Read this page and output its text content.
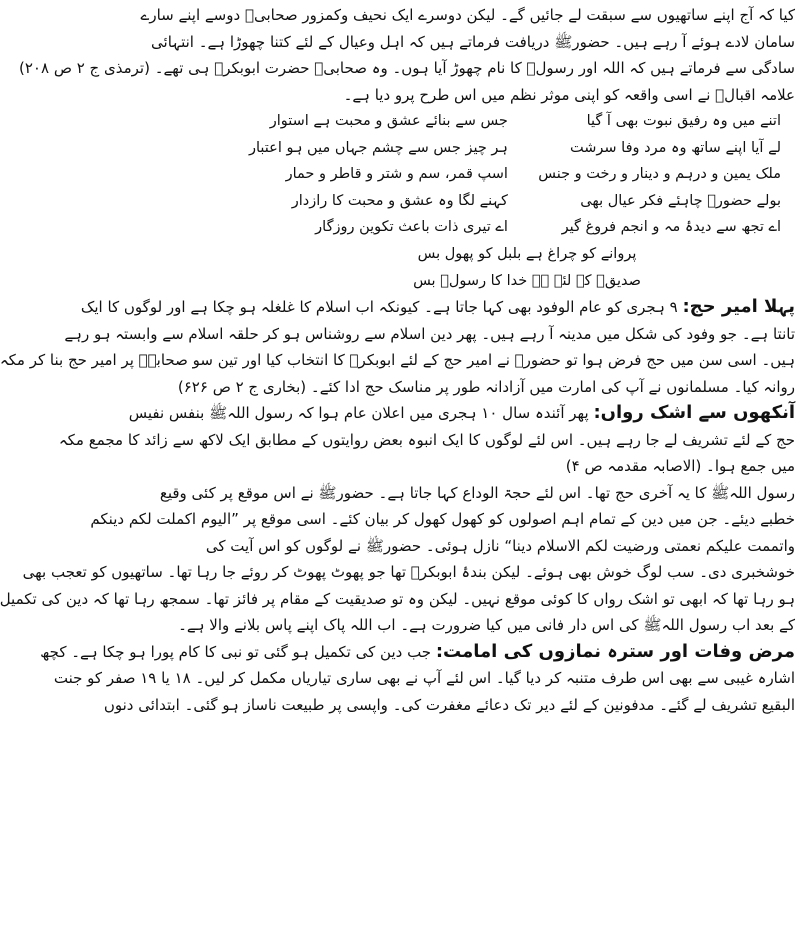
کیا کہ آج اپنے ساتھیوں سے سبقت لے جائیں گے۔ لیکن دوسرے ایک نحیف وکمزور صحابیؓ دوسے اپنے سارے
سامان لادے ہوئے آ رہے ہیں۔ حضورﷺ دریافت فرماتے ہیں کہ اہل وعیال کے لئے کتنا چھوڑا ہے۔ انتہائی
سادگی سے فرماتے ہیں کہ اللہ اور رسولﷺ کا نام چھوڑ آیا ہوں۔ وہ صحابیؓ حضرت ابوبکرؓ ہی تھے۔ (ترمذی ج ۲ ص ۲۰۸)
علامہ اقبالؒ نے اسی واقعہ کو اپنی موثر نظم میں اس طرح پرو دیا ہے۔
اتنے میں وہ رفیق نبوت بھی آ گیا
جس سے بنائے عشق و محبت ہے استوار
لے آیا اپنے ساتھ وہ مرد وفا سرشت
ہر چیز جس سے چشم جہاں میں ہو اعتبار
ملک یمین و درہم و دینار و رخت و جنس
اسپ قمر، سم و شتر و قاطر و حمار
بولے حضورؐ چاہئے فکر عیال بھی
کہنے لگا وہ عشق و محبت کا رازدار
اے تجھ سے دیدۂ مہ و انجم فروغ گیر
اے تیری ذات باعث تکوین روزگار
پروانے کو چراغ ہے بلبل کو پھول بس
صدیقؓ کے لئے ہے خدا کا رسولؐ بس
پہلا امیر حج: ۹ ہجری کو عام الوفود بھی کہا جاتا ہے۔ کیونکہ اب اسلام کا غلغلہ ہو چکا ہے اور لوگوں کا ایک
تانتا ہے۔ جو وفود کی شکل میں مدینہ آ رہے ہیں۔ پھر دین اسلام سے روشناس ہو کر حلقہ اسلام سے وابستہ ہو رہے
ہیں۔ اسی سن میں حج فرض ہوا تو حضورﷺ نے امیر حج کے لئے ابوبکرؓ کا انتخاب کیا اور تین سو صحابہؓ پر امیر حج بنا کر مکہ
روانہ کیا۔ مسلمانوں نے آپ کی امارت میں آزادانہ طور پر مناسک حج ادا کئے۔ (بخاری ج ۲ ص ۶۲۶)
آنکھوں سے اشک رواں: پھر آئندہ سال ۱۰ ہجری میں اعلان عام ہوا کہ رسول اللہﷺ بنفس نفیس
حج کے لئے تشریف لے جا رہے ہیں۔ اس لئے لوگوں کا ایک انبوہ بعض روایتوں کے مطابق ایک لاکھ سے زائد کا مجمع مکہ
میں جمع ہوا۔ (الاصابہ مقدمہ ص ۴)
رسول اللہﷺ کا یہ آخری حج تھا۔ اس لئے حجۃ الوداع کہا جاتا ہے۔ حضورﷺ نے اس موقع پر کئی وقیع
خطبے دیئے۔ جن میں دین کے تمام اہم اصولوں کو کھول کھول کر بیان کئے۔ اسی موقع پر ”الیوم اکملت لکم دینکم
واتممت علیکم نعمتی ورضیت لکم الاسلام دینا“ نازل ہوئی۔ حضورﷺ نے لوگوں کو اس آیت کی
خوشخبری دی۔ سب لوگ خوش بھی ہوئے۔ لیکن بندۂ ابوبکرؓ تھا جو پھوٹ پھوٹ کر روئے جا رہا تھا۔ ساتھیوں کو تعجب بھی
ہو رہا تھا کہ ابھی تو اشک رواں کا کوئی موقع نہیں۔ لیکن وہ تو صدیقیت کے مقام پر فائز تھا۔ سمجھ رہا تھا کہ دین کی تکمیل
کے بعد اب رسول اللہﷺ کی اس دار فانی میں کیا ضرورت ہے۔ اب اللہ پاک اپنے پاس بلانے والا ہے۔
مرض وفات اور سترہ نمازوں کی امامت: جب دین کی تکمیل ہو گئی تو نبی کا کام پورا ہو چکا ہے۔ کچھ
اشارہ غیبی سے بھی اس طرف متنبہ کر دیا گیا۔ اس لئے آپ نے بھی ساری تیاریاں مکمل کر لیں۔ ۱۸ یا ۱۹ صفر کو جنت
البقیع تشریف لے گئے۔ مدفونین کے لئے دیر تک دعائے مغفرت کی۔ واپسی پر طبیعت ناساز ہو گئی۔ ابتدائی دنوں
